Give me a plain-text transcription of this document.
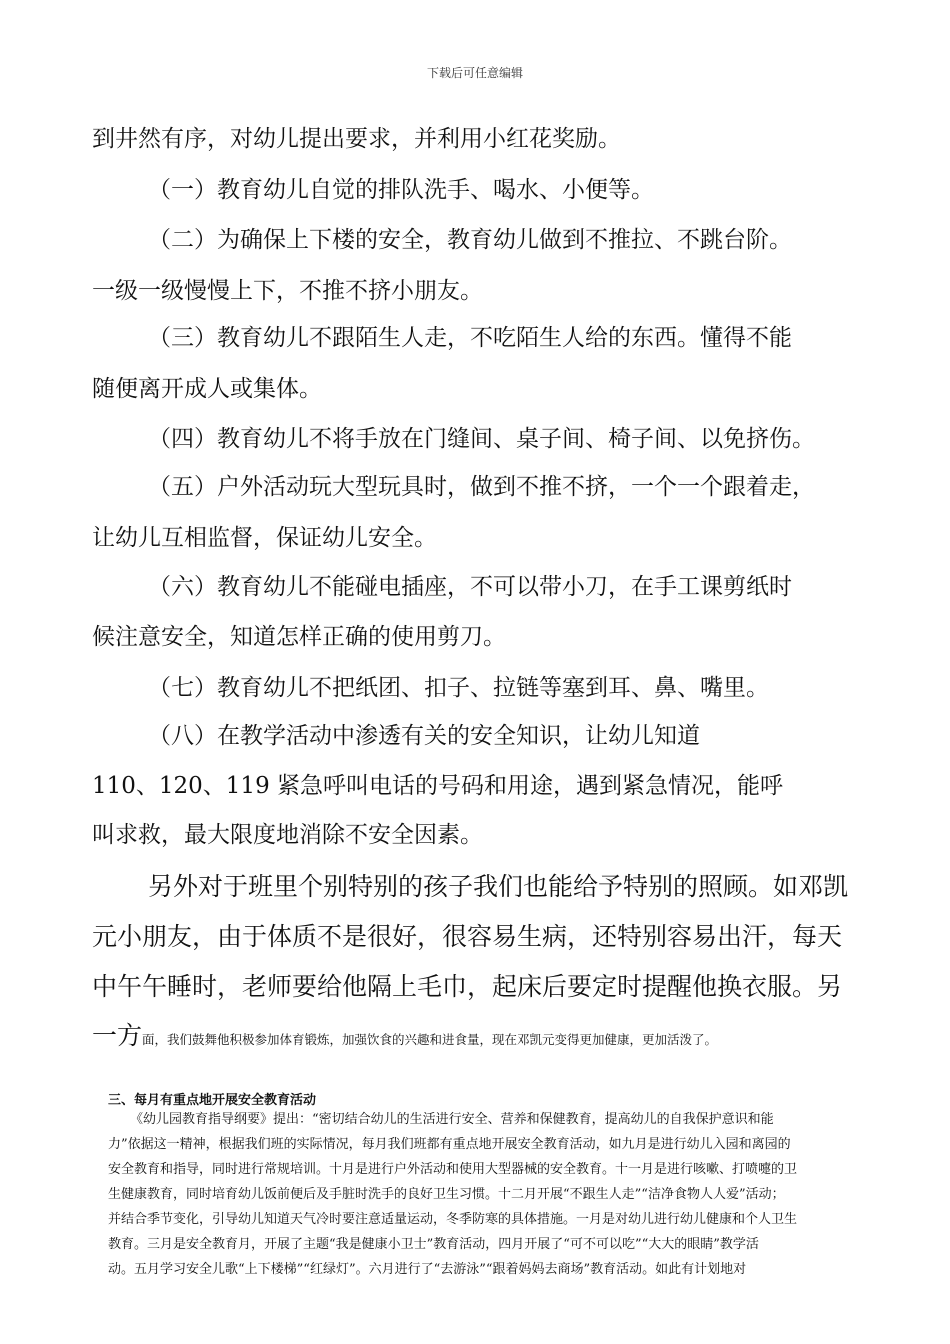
下载后可任意编辑
到井然有序，对幼儿提出要求，并利用小红花奖励。
（一）教育幼儿自觉的排队洗手、喝水、小便等。
（二）为确保上下楼的安全，教育幼儿做到不推拉、不跳台阶。
一级一级慢慢上下，不推不挤小朋友。
（三）教育幼儿不跟陌生人走，不吃陌生人给的东西。懂得不能
随便离开成人或集体。
（四）教育幼儿不将手放在门缝间、桌子间、椅子间、以免挤伤。
（五）户外活动玩大型玩具时，做到不推不挤，一个一个跟着走，
让幼儿互相监督，保证幼儿安全。
（六）教育幼儿不能碰电插座，不可以带小刀，在手工课剪纸时
候注意安全，知道怎样正确的使用剪刀。
（七）教育幼儿不把纸团、扣子、拉链等塞到耳、鼻、嘴里。
（八）在教学活动中渗透有关的安全知识，让幼儿知道
110、120、119 紧急呼叫电话的号码和用途，遇到紧急情况，能呼
叫求救，最大限度地消除不安全因素。
另外对于班里个别特别的孩子我们也能给予特别的照顾。如邓凯
元小朋友，由于体质不是很好，很容易生病，还特别容易出汗，每天
中午午睡时，老师要给他隔上毛巾，起床后要定时提醒他换衣服。另
一方面，我们鼓舞他积极参加体育锻炼，加强饮食的兴趣和进食量，现在邓凯元变得更加健康，更加活泼了。
三、每月有重点地开展安全教育活动
《幼儿园教育指导纲要》提出：“密切结合幼儿的生活进行安全、营养和保健教育，提高幼儿的自我保护意识和能
力”依据这一精神，根据我们班的实际情况，每月我们班都有重点地开展安全教育活动，如九月是进行幼儿入园和离园的
安全教育和指导，同时进行常规培训。十月是进行户外活动和使用大型器械的安全教育。十一月是进行咳嗽、打喷嚏的卫
生健康教育，同时培育幼儿饭前便后及手脏时洗手的良好卫生习惯。十二月开展“不跟生人走”“洁净食物人人爱”活动；
并结合季节变化，引导幼儿知道天气冷时要注意适量运动，冬季防寒的具体措施。一月是对幼儿进行幼儿健康和个人卫生
教育。三月是安全教育月，开展了主题“我是健康小卫士”教育活动，四月开展了“可不可以吃”“大大的眼睛”教学活
动。五月学习安全儿歌“上下楼梯”“红绿灯”。六月进行了“去游泳”“跟着妈妈去商场”教育活动。如此有计划地对
